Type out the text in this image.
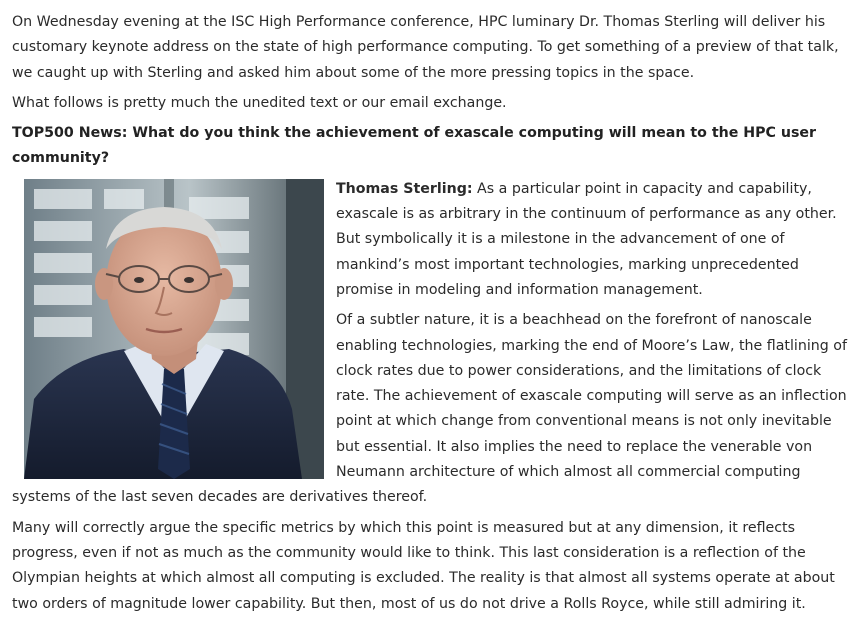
On Wednesday evening at the ISC High Performance conference, HPC luminary Dr. Thomas Sterling will deliver his customary keynote address on the state of high performance computing. To get something of a preview of that talk, we caught up with Sterling and asked him about some of the more pressing topics in the space.

What follows is pretty much the unedited text or our email exchange.

TOP500 News: What do you think the achievement of exascale computing will mean to the HPC user community?

Thomas Sterling: As a particular point in capacity and capability, exascale is as arbitrary in the continuum of performance as any other. But symbolically it is a milestone in the advancement of one of mankind’s most important technologies, marking unprecedented promise in modeling and information management.

Of a subtler nature, it is a beachhead on the forefront of nanoscale enabling technologies, marking the end of Moore’s Law, the flatlining of clock rates due to power considerations, and the limitations of clock rate. The achievement of exascale computing will serve as an inflection point at which change from conventional means is not only inevitable but essential. It also implies the need to replace the venerable von Neumann architecture of which almost all commercial computing systems of the last seven decades are derivatives thereof.

Many will correctly argue the specific metrics by which this point is measured but at any dimension, it reflects progress, even if not as much as the community would like to think. This last consideration is a reflection of the Olympian heights at which almost all computing is excluded. The reality is that almost all systems operate at about two orders of magnitude lower capability. But then, most of us do not drive a Rolls Royce, while still admiring it.
